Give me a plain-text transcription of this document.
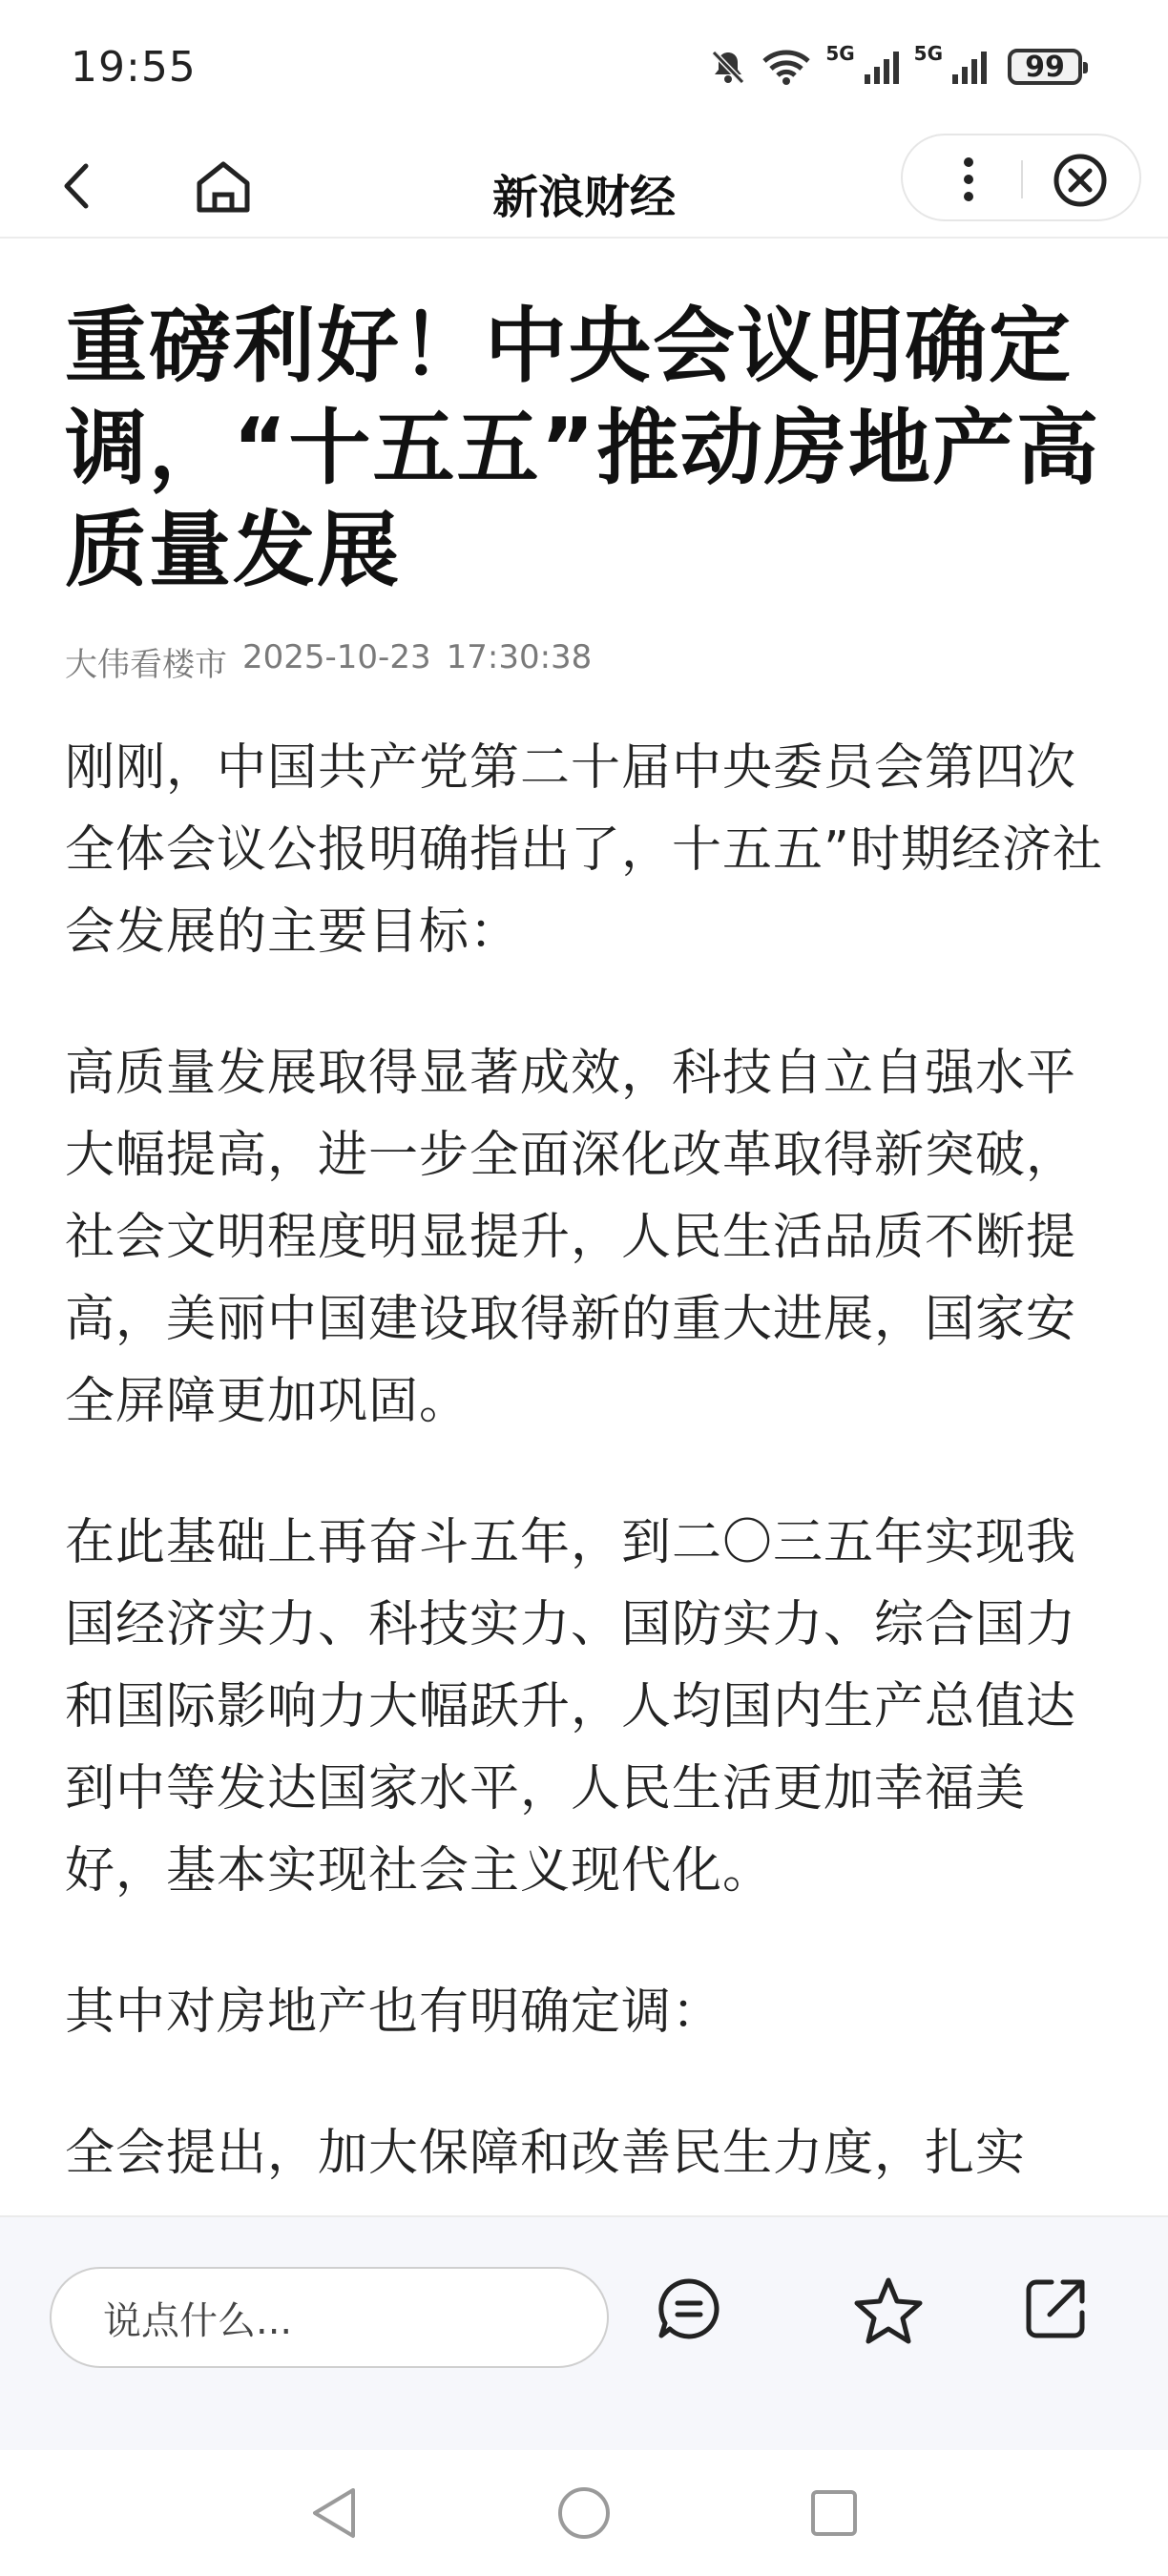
19:55	5G	5G	99
新浪财经
重磅利好！中央会议明确定调，“十五五”推动房地产高质量发展
大伟看楼市 2025-10-23 17:30:38

刚刚，中国共产党第二十届中央委员会第四次全体会议公报明确指出了，十五五”时期经济社会发展的主要目标：

高质量发展取得显著成效，科技自立自强水平大幅提高，进一步全面深化改革取得新突破，社会文明程度明显提升，人民生活品质不断提高，美丽中国建设取得新的重大进展，国家安全屏障更加巩固。

在此基础上再奋斗五年，到二〇三五年实现我国经济实力、科技实力、国防实力、综合国力和国际影响力大幅跃升，人均国内生产总值达到中等发达国家水平，人民生活更加幸福美好，基本实现社会主义现代化。

其中对房地产也有明确定调：

全会提出，加大保障和改善民生力度，扎实

说点什么...
